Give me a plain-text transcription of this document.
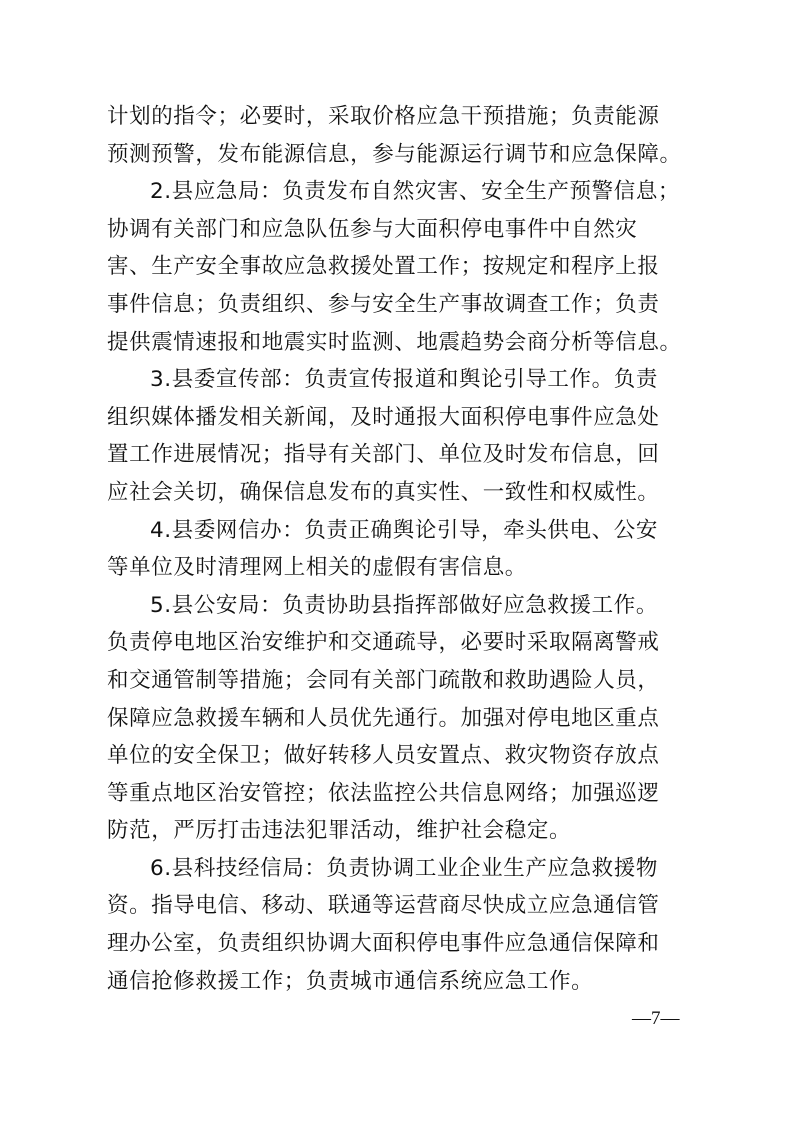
计划的指令；必要时，采取价格应急干预措施；负责能源
预测预警，发布能源信息，参与能源运行调节和应急保障。
2.县应急局：负责发布自然灾害、安全生产预警信息；
协调有关部门和应急队伍参与大面积停电事件中自然灾
害、生产安全事故应急救援处置工作；按规定和程序上报
事件信息；负责组织、参与安全生产事故调查工作；负责
提供震情速报和地震实时监测、地震趋势会商分析等信息。
3.县委宣传部：负责宣传报道和舆论引导工作。负责
组织媒体播发相关新闻，及时通报大面积停电事件应急处
置工作进展情况；指导有关部门、单位及时发布信息，回
应社会关切，确保信息发布的真实性、一致性和权威性。
4.县委网信办：负责正确舆论引导，牵头供电、公安
等单位及时清理网上相关的虚假有害信息。
5.县公安局：负责协助县指挥部做好应急救援工作。
负责停电地区治安维护和交通疏导，必要时采取隔离警戒
和交通管制等措施；会同有关部门疏散和救助遇险人员，
保障应急救援车辆和人员优先通行。加强对停电地区重点
单位的安全保卫；做好转移人员安置点、救灾物资存放点
等重点地区治安管控；依法监控公共信息网络；加强巡逻
防范，严厉打击违法犯罪活动，维护社会稳定。
6.县科技经信局：负责协调工业企业生产应急救援物
资。指导电信、移动、联通等运营商尽快成立应急通信管
理办公室，负责组织协调大面积停电事件应急通信保障和
通信抢修救援工作；负责城市通信系统应急工作。
—7—
